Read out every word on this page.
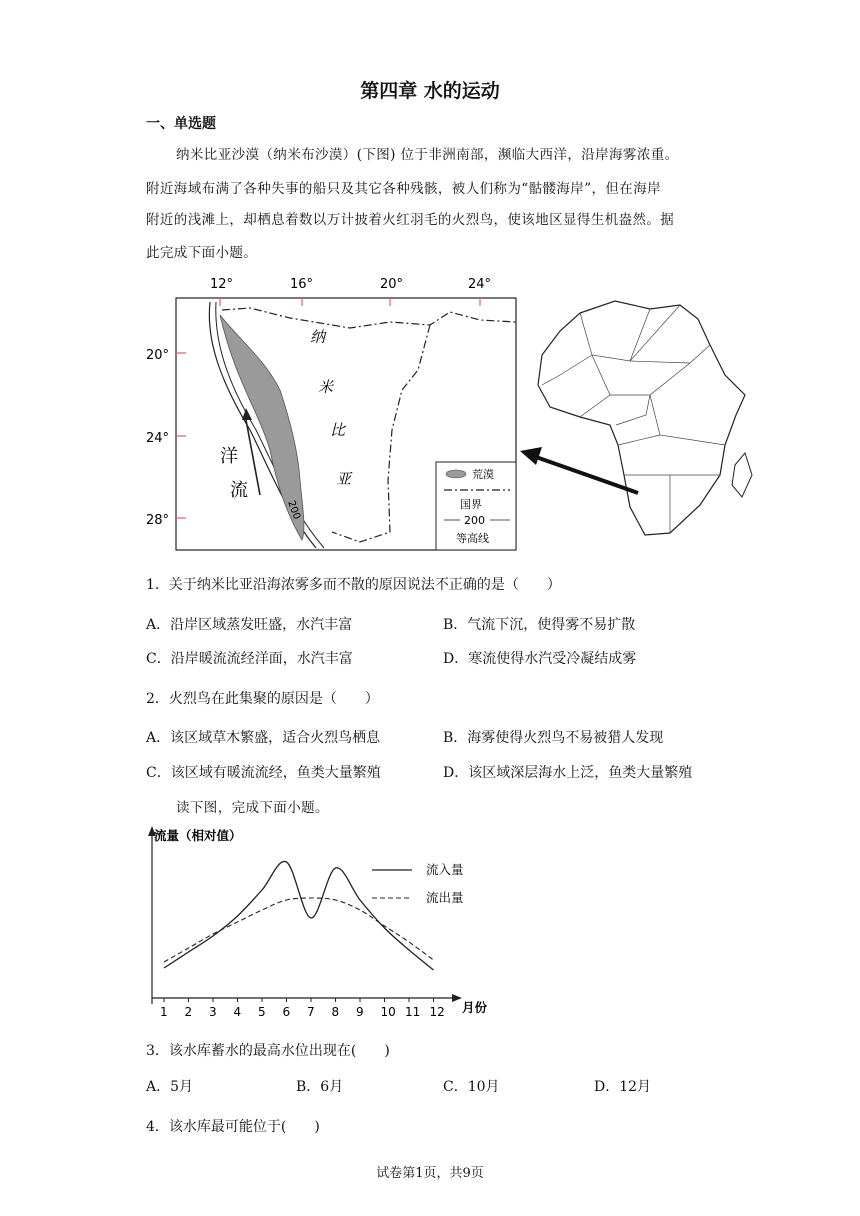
第四章 水的运动
一、单选题
纳米比亚沙漠（纳米布沙漠）(下图) 位于非洲南部，濒临大西洋，沿岸海雾浓重。
附近海域布满了各种失事的船只及其它各种残骸，被人们称为“骷髅海岸”，但在海岸
附近的浅滩上，却栖息着数以万计披着火红羽毛的火烈鸟，使该地区显得生机盎然。据
此完成下面小题。
12°	16°	20°	24°
20°
24°
28°
纳
米
比
亚
洋
流
200
荒漠
国界
200
等高线
1．关于纳米比亚沿海浓雾多而不散的原因说法不正确的是（　　）
A．沿岸区域蒸发旺盛，水汽丰富	B．气流下沉，使得雾不易扩散
C．沿岸暖流流经洋面，水汽丰富	D．寒流使得水汽受冷凝结成雾
2．火烈鸟在此集聚的原因是（　　）
A．该区域草木繁盛，适合火烈鸟栖息	B．海雾使得火烈鸟不易被猎人发现
C．该区域有暖流流经，鱼类大量繁殖	D．该区域深层海水上泛，鱼类大量繁殖
读下图，完成下面小题。
流量（相对值）
1 2 3 4 5 6 7 8 9 10 11 12 月份
流入量
流出量
3．该水库蓄水的最高水位出现在(　　)
A．5月	B．6月	C．10月	D．12月
4．该水库最可能位于(　　)
试卷第1页，共9页
